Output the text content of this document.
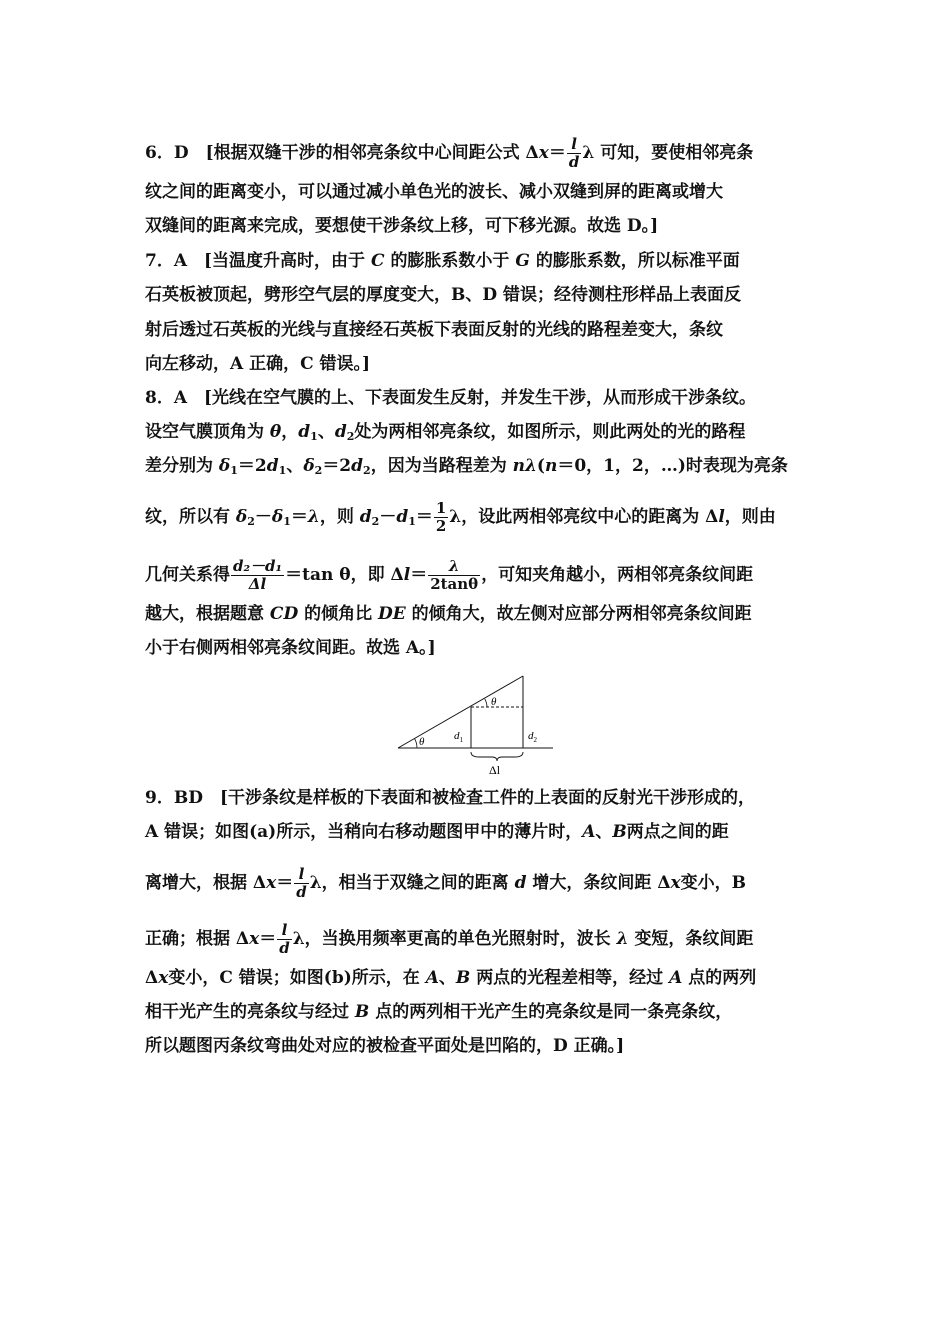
6．D　[根据双缝干涉的相邻亮条纹中心间距公式 $\Delta x= \frac{l}{d}$ λ 可知，要使相邻亮条
纹之间的距离变小，可以通过减小单色光的波长、减小双缝到屏的距离或增大
双缝间的距离来完成，要想使干涉条纹上移，可下移光源。故选 D。]
7．A　[当温度升高时，由于 C 的膨胀系数小于 G 的膨胀系数，所以标准平面
石英板被顶起，劈形空气层的厚度变大，B、D 错误；经待测柱形样品上表面反
射后透过石英板的光线与直接经石英板下表面反射的光线的路程差变大，条纹
向左移动，A 正确，C 错误。]
8．A　[光线在空气膜的上、下表面发生反射，并发生干涉，从而形成干涉条纹。
设空气膜顶角为 θ，$d_1$、$d_2$处为两相邻亮条纹，如图所示，则此两处的光的路程
差分别为 $\delta_1=2d_1$、$\delta_2=2d_2$，因为当路程差为 nλ(n＝0，1，2，…)时表现为亮条
纹，所以有 $\delta_2-\delta_1=\lambda$，则 $d_2-d_1= \frac{1}{2}$ λ，设此两相邻亮纹中心的距离为 Δl，则由
几何关系得 $\frac{\text{d₂－d₁}}{\Delta l} =\tan$ θ，即 $\Delta l= \frac{\lambda}{2\tan\theta}$ ，可知夹角越小，两相邻亮条纹间距
越大，根据题意 CD 的倾角比 DE 的倾角大，故左侧对应部分两相邻亮条纹间距
小于右侧两相邻亮条纹间距。故选 A。]
9．BD　[干涉条纹是样板的下表面和被检查工件的上表面的反射光干涉形成的，
A 错误；如图(a)所示，当稍向右移动题图甲中的薄片时，A、B两点之间的距
离增大，根据 $\Delta x= \frac{l}{d}$ λ，相当于双缝之间的距离 d 增大，条纹间距 Δx变小，B
正确；根据 $\Delta x= \frac{l}{d}$ λ，当换用频率更高的单色光照射时，波长 λ 变短，条纹间距
Δx变小，C 错误；如图(b)所示，在 A、B 两点的光程差相等，经过 A 点的两列
相干光产生的亮条纹与经过 B 点的两列相干光产生的亮条纹是同一条亮条纹，
所以题图丙条纹弯曲处对应的被检查平面处是凹陷的，D 正确。]
θ
θ
$d_1$	$d_2$
Δl
